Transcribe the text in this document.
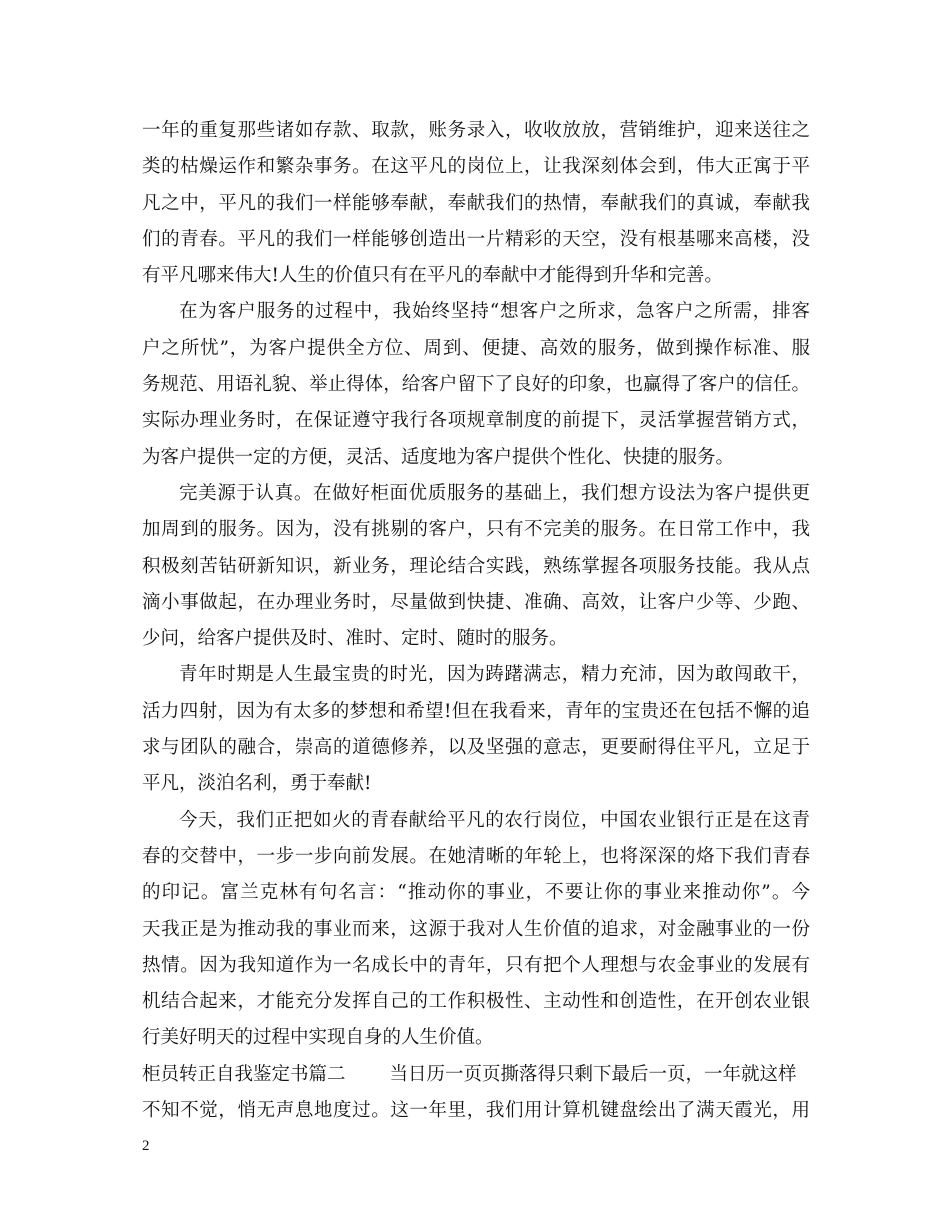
一年的重复那些诸如存款、取款，账务录入，收收放放，营销维护，迎来送往之
类的枯燥运作和繁杂事务。在这平凡的岗位上，让我深刻体会到，伟大正寓于平
凡之中，平凡的我们一样能够奉献，奉献我们的热情，奉献我们的真诚，奉献我
们的青春。平凡的我们一样能够创造出一片精彩的天空，没有根基哪来高楼，没
有平凡哪来伟大!人生的价值只有在平凡的奉献中才能得到升华和完善。
在为客户服务的过程中，我始终坚持“想客户之所求，急客户之所需，排客
户之所忧”，为客户提供全方位、周到、便捷、高效的服务，做到操作标准、服
务规范、用语礼貌、举止得体，给客户留下了良好的印象，也赢得了客户的信任。
实际办理业务时，在保证遵守我行各项规章制度的前提下，灵活掌握营销方式，
为客户提供一定的方便，灵活、适度地为客户提供个性化、快捷的服务。
完美源于认真。在做好柜面优质服务的基础上，我们想方设法为客户提供更
加周到的服务。因为，没有挑剔的客户，只有不完美的服务。在日常工作中，我
积极刻苦钻研新知识，新业务，理论结合实践，熟练掌握各项服务技能。我从点
滴小事做起，在办理业务时，尽量做到快捷、准确、高效，让客户少等、少跑、
少问，给客户提供及时、准时、定时、随时的服务。
青年时期是人生最宝贵的时光，因为踌躇满志，精力充沛，因为敢闯敢干，
活力四射，因为有太多的梦想和希望!但在我看来，青年的宝贵还在包括不懈的追
求与团队的融合，崇高的道德修养，以及坚强的意志，更要耐得住平凡，立足于
平凡，淡泊名利，勇于奉献!
今天，我们正把如火的青春献给平凡的农行岗位，中国农业银行正是在这青
春的交替中，一步一步向前发展。在她清晰的年轮上，也将深深的烙下我们青春
的印记。富兰克林有句名言：“推动你的事业，不要让你的事业来推动你”。今
天我正是为推动我的事业而来，这源于我对人生价值的追求，对金融事业的一份
热情。因为我知道作为一名成长中的青年，只有把个人理想与农金事业的发展有
机结合起来，才能充分发挥自己的工作积极性、主动性和创造性，在开创农业银
行美好明天的过程中实现自身的人生价值。
柜员转正自我鉴定书篇二 当日历一页页撕落得只剩下最后一页，一年就这样
不知不觉，悄无声息地度过。这一年里，我们用计算机键盘绘出了满天霞光，用
2
